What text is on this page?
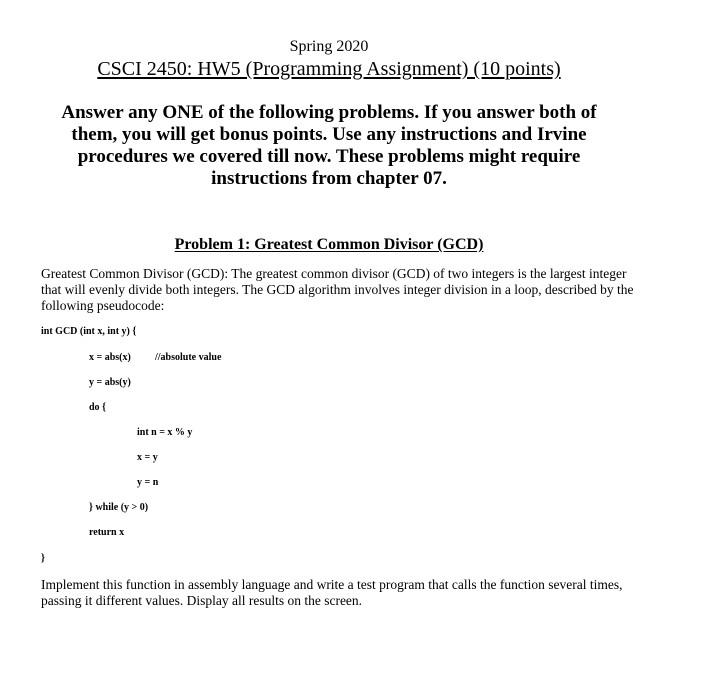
Spring 2020
CSCI 2450: HW5 (Programming Assignment) (10 points)
Answer any ONE of the following problems. If you answer both of them, you will get bonus points. Use any instructions and Irvine procedures we covered till now. These problems might require instructions from chapter 07.
Problem 1: Greatest Common Divisor (GCD)
Greatest Common Divisor (GCD): The greatest common divisor (GCD) of two integers is the largest integer that will evenly divide both integers. The GCD algorithm involves integer division in a loop, described by the following pseudocode:
int GCD (int x, int y) {
x = abs(x) //absolute value
y = abs(y)
do {
int n = x % y
x = y
y = n
} while (y > 0)
return x
}
Implement this function in assembly language and write a test program that calls the function several times, passing it different values. Display all results on the screen.
